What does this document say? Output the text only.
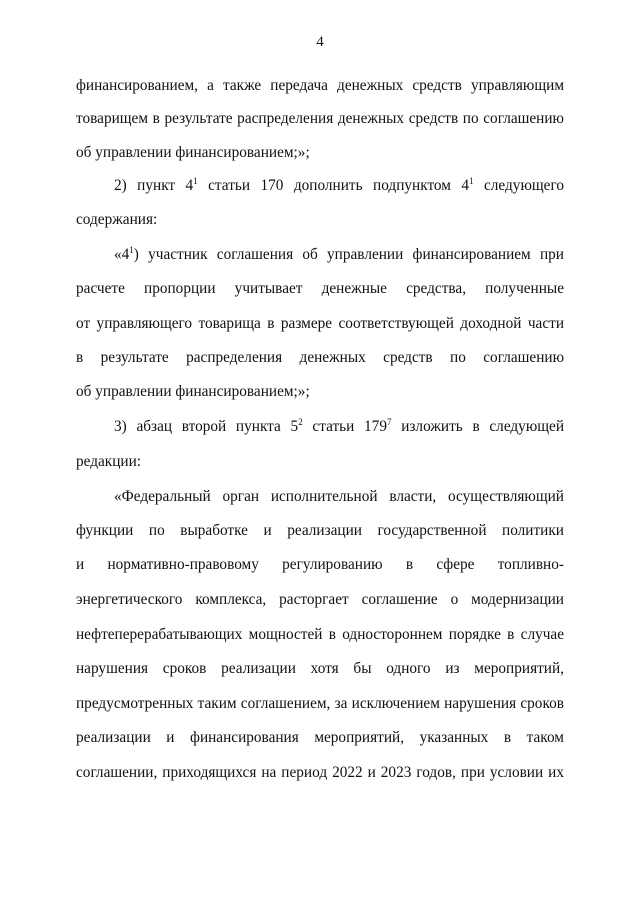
4
финансированием, а также передача денежных средств управляющим
товарищем в результате распределения денежных средств по соглашению
об управлении финансированием;»;
2) пункт $4^1$ статьи 170 дополнить подпунктом $4^1$ следующего
содержания:
«$4^1$) участник соглашения об управлении финансированием при
расчете пропорции учитывает денежные средства, полученные
от управляющего товарища в размере соответствующей доходной части
в результате распределения денежных средств по соглашению
об управлении финансированием;»;
3) абзац второй пункта $5^2$ статьи $179^7$ изложить в следующей
редакции:
«Федеральный орган исполнительной власти, осуществляющий
функции по выработке и реализации государственной политики
и нормативно-правовому регулированию в сфере топливно-
энергетического комплекса, расторгает соглашение о модернизации
нефтеперерабатывающих мощностей в одностороннем порядке в случае
нарушения сроков реализации хотя бы одного из мероприятий,
предусмотренных таким соглашением, за исключением нарушения сроков
реализации и финансирования мероприятий, указанных в таком
соглашении, приходящихся на период 2022 и 2023 годов, при условии их
